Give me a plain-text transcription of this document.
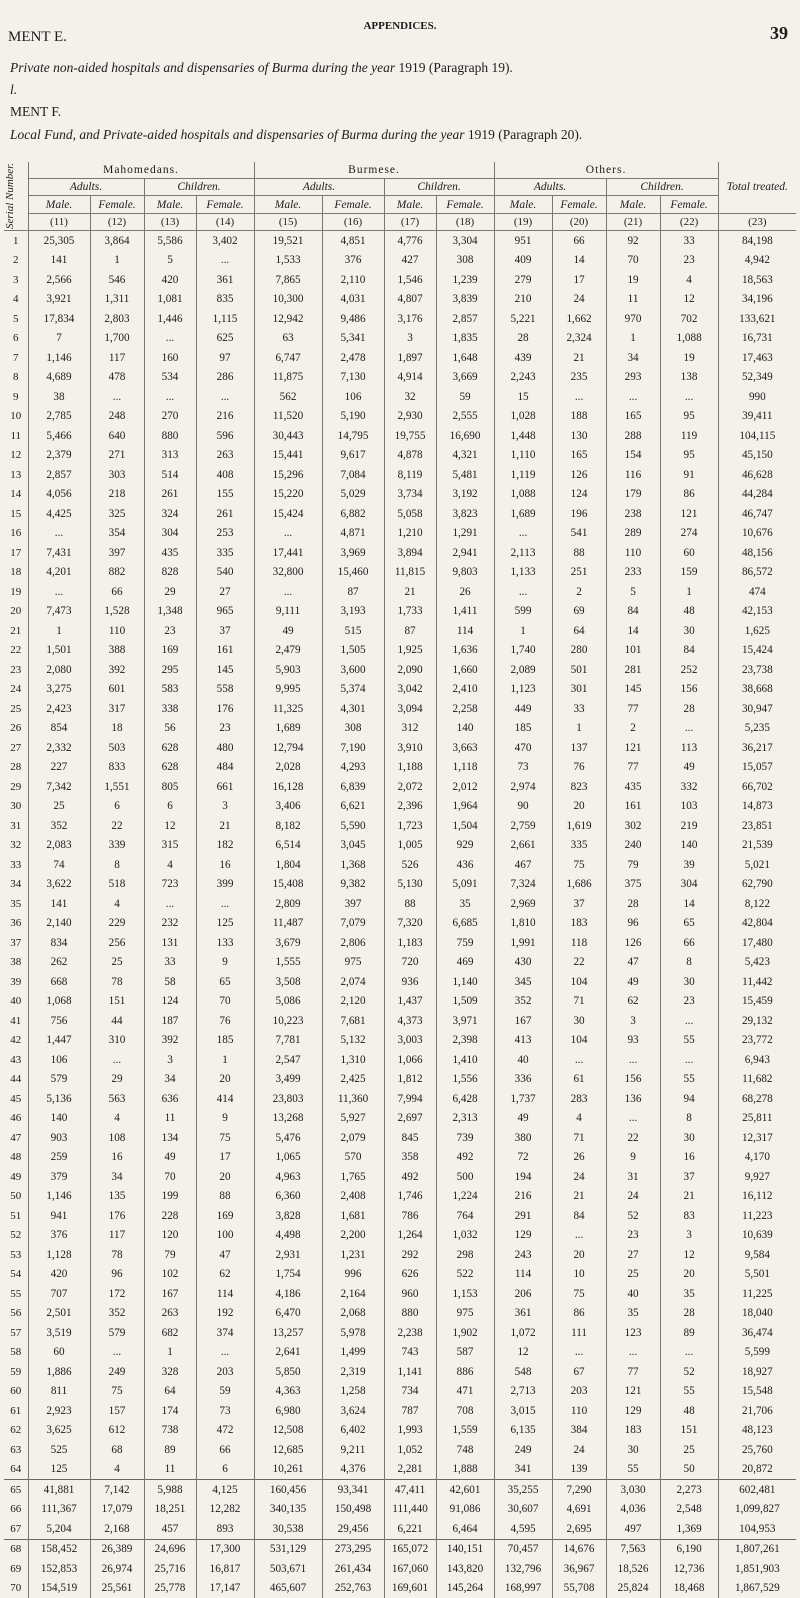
MENT E.
APPENDICES.	39
Private non-aided hospitals and dispensaries of Burma during the year 1919 (Paragraph 19).
l.
MENT F.
Local Fund, and Private-aided hospitals and dispensaries of Burma during the year 1919 (Paragraph 20).
Serial Number.	Mahomedans.				Burmese.				Others.				Total treated.
	Adults.		Children.		Adults.		Children.		Adults.		Children.		
	Male.	Female.	Male.	Female.	Male.	Female.	Male.	Female.	Male.	Female.	Male.	Female.	
	(11)	(12)	(13)	(14)	(15)	(16)	(17)	(18)	(19)	(20)	(21)	(22)	(23)
1	25,305	3,864	5,586	3,402	19,521	4,851	4,776	3,304	951	66	92	33	84,198
2	141	1	5	...	1,533	376	427	308	409	14	70	23	4,942
3	2,566	546	420	361	7,865	2,110	1,546	1,239	279	17	19	4	18,563
4	3,921	1,311	1,081	835	10,300	4,031	4,807	3,839	210	24	11	12	34,196
5	17,834	2,803	1,446	1,115	12,942	9,486	3,176	2,857	5,221	1,662	970	702	133,621
6	7	1,700	...	625	63	5,341	3	1,835	28	2,324	1	1,088	16,731
7	1,146	117	160	97	6,747	2,478	1,897	1,648	439	21	34	19	17,463
8	4,689	478	534	286	11,875	7,130	4,914	3,669	2,243	235	293	138	52,349
9	38	...	...	...	562	106	32	59	15	...	...	...	990
10	2,785	248	270	216	11,520	5,190	2,930	2,555	1,028	188	165	95	39,411
11	5,466	640	880	596	30,443	14,795	19,755	16,690	1,448	130	288	119	104,115
12	2,379	271	313	263	15,441	9,617	4,878	4,321	1,110	165	154	95	45,150
13	2,857	303	514	408	15,296	7,084	8,119	5,481	1,119	126	116	91	46,628
14	4,056	218	261	155	15,220	5,029	3,734	3,192	1,088	124	179	86	44,284
15	4,425	325	324	261	15,424	6,882	5,058	3,823	1,689	196	238	121	46,747
16	...	354	304	253	...	4,871	1,210	1,291	...	541	289	274	10,676
17	7,431	397	435	335	17,441	3,969	3,894	2,941	2,113	88	110	60	48,156
18	4,201	882	828	540	32,800	15,460	11,815	9,803	1,133	251	233	159	86,572
19	...	66	29	27	...	87	21	26	...	2	5	1	474
20	7,473	1,528	1,348	965	9,111	3,193	1,733	1,411	599	69	84	48	42,153
21	1	110	23	37	49	515	87	114	1	64	14	30	1,625
22	1,501	388	169	161	2,479	1,505	1,925	1,636	1,740	280	101	84	15,424
23	2,080	392	295	145	5,903	3,600	2,090	1,660	2,089	501	281	252	23,738
24	3,275	601	583	558	9,995	5,374	3,042	2,410	1,123	301	145	156	38,668
25	2,423	317	338	176	11,325	4,301	3,094	2,258	449	33	77	28	30,947
26	854	18	56	23	1,689	308	312	140	185	1	2	...	5,235
27	2,332	503	628	480	12,794	7,190	3,910	3,663	470	137	121	113	36,217
28	227	833	628	484	2,028	4,293	1,188	1,118	73	76	77	49	15,057
29	7,342	1,551	805	661	16,128	6,839	2,072	2,012	2,974	823	435	332	66,702
30	25	6	6	3	3,406	6,621	2,396	1,964	90	20	161	103	14,873
31	352	22	12	21	8,182	5,590	1,723	1,504	2,759	1,619	302	219	23,851
32	2,083	339	315	182	6,514	3,045	1,005	929	2,661	335	240	140	21,539
33	74	8	4	16	1,804	1,368	526	436	467	75	79	39	5,021
34	3,622	518	723	399	15,408	9,382	5,130	5,091	7,324	1,686	375	304	62,790
35	141	4	...	...	2,809	397	88	35	2,969	37	28	14	8,122
36	2,140	229	232	125	11,487	7,079	7,320	6,685	1,810	183	96	65	42,804
37	834	256	131	133	3,679	2,806	1,183	759	1,991	118	126	66	17,480
38	262	25	33	9	1,555	975	720	469	430	22	47	8	5,423
39	668	78	58	65	3,508	2,074	936	1,140	345	104	49	30	11,442
40	1,068	151	124	70	5,086	2,120	1,437	1,509	352	71	62	23	15,459
41	756	44	187	76	10,223	7,681	4,373	3,971	167	30	3	...	29,132
42	1,447	310	392	185	7,781	5,132	3,003	2,398	413	104	93	55	23,772
43	106	...	3	1	2,547	1,310	1,066	1,410	40	...	...	...	6,943
44	579	29	34	20	3,499	2,425	1,812	1,556	336	61	156	55	11,682
45	5,136	563	636	414	23,803	11,360	7,994	6,428	1,737	283	136	94	68,278
46	140	4	11	9	13,268	5,927	2,697	2,313	49	4	...	8	25,811
47	903	108	134	75	5,476	2,079	845	739	380	71	22	30	12,317
48	259	16	49	17	1,065	570	358	492	72	26	9	16	4,170
49	379	34	70	20	4,963	1,765	492	500	194	24	31	37	9,927
50	1,146	135	199	88	6,360	2,408	1,746	1,224	216	21	24	21	16,112
51	941	176	228	169	3,828	1,681	786	764	291	84	52	83	11,223
52	376	117	120	100	4,498	2,200	1,264	1,032	129	...	23	3	10,639
53	1,128	78	79	47	2,931	1,231	292	298	243	20	27	12	9,584
54	420	96	102	62	1,754	996	626	522	114	10	25	20	5,501
55	707	172	167	114	4,186	2,164	960	1,153	206	75	40	35	11,225
56	2,501	352	263	192	6,470	2,068	880	975	361	86	35	28	18,040
57	3,519	579	682	374	13,257	5,978	2,238	1,902	1,072	111	123	89	36,474
58	60	...	1	...	2,641	1,499	743	587	12	...	...	...	5,599
59	1,886	249	328	203	5,850	2,319	1,141	886	548	67	77	52	18,927
60	811	75	64	59	4,363	1,258	734	471	2,713	203	121	55	15,548
61	2,923	157	174	73	6,980	3,624	787	708	3,015	110	129	48	21,706
62	3,625	612	738	472	12,508	6,402	1,993	1,559	6,135	384	183	151	48,123
63	525	68	89	66	12,685	9,211	1,052	748	249	24	30	25	25,760
64	125	4	11	6	10,261	4,376	2,281	1,888	341	139	55	50	20,872
65	41,881	7,142	5,988	4,125	160,456	93,341	47,411	42,601	35,255	7,290	3,030	2,273	602,481
66	111,367	17,079	18,251	12,282	340,135	150,498	111,440	91,086	30,607	4,691	4,036	2,548	1,099,827
67	5,204	2,168	457	893	30,538	29,456	6,221	6,464	4,595	2,695	497	1,369	104,953
68	158,452	26,389	24,696	17,300	531,129	273,295	165,072	140,151	70,457	14,676	7,563	6,190	1,807,261
69	152,853	26,974	25,716	16,817	503,671	261,434	167,060	143,820	132,796	36,967	18,526	12,736	1,851,903
70	154,519	25,561	25,778	17,147	465,607	252,763	169,601	145,264	168,997	55,708	25,824	18,468	1,867,529
